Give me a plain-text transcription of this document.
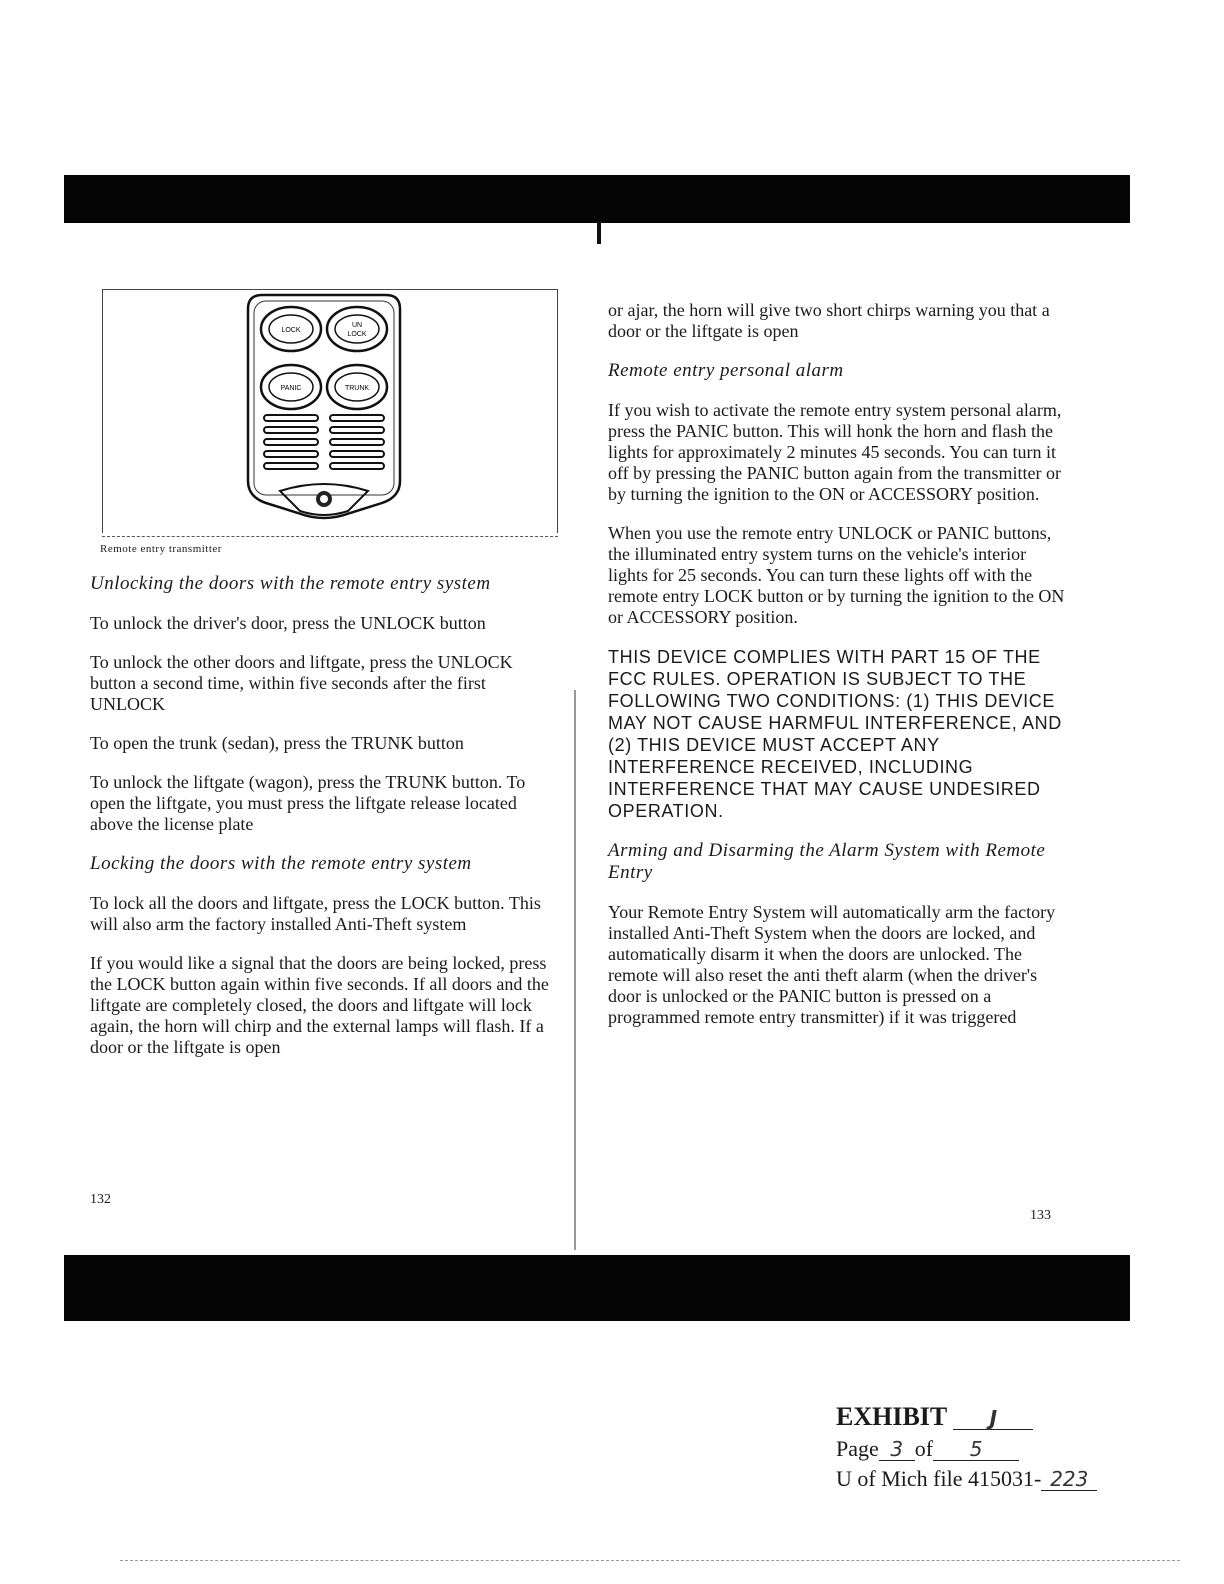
LOCK
UN
LOCK
PANIC	TRUNK
Remote entry transmitter
Unlocking the doors with the remote entry system

To unlock the driver's door, press the UNLOCK button

To unlock the other doors and liftgate, press the UNLOCK button a second time, within five seconds after the first UNLOCK

To open the trunk (sedan), press the TRUNK button

To unlock the liftgate (wagon), press the TRUNK button. To open the liftgate, you must press the liftgate release located above the license plate

Locking the doors with the remote entry system

To lock all the doors and liftgate, press the LOCK button. This will also arm the factory installed Anti-Theft system

If you would like a signal that the doors are being locked, press the LOCK button again within five seconds. If all doors and the liftgate are completely closed, the doors and liftgate will lock again, the horn will chirp and the external lamps will flash. If a door or the liftgate is open

132

or ajar, the horn will give two short chirps warning you that a door or the liftgate is open

Remote entry personal alarm

If you wish to activate the remote entry system personal alarm, press the PANIC button. This will honk the horn and flash the lights for approximately 2 minutes 45 seconds. You can turn it off by pressing the PANIC button again from the transmitter or by turning the ignition to the ON or ACCESSORY position.

When you use the remote entry UNLOCK or PANIC buttons, the illuminated entry system turns on the vehicle's interior lights for 25 seconds. You can turn these lights off with the remote entry LOCK button or by turning the ignition to the ON or ACCESSORY position.

THIS DEVICE COMPLIES WITH PART 15 OF THE FCC RULES. OPERATION IS SUBJECT TO THE FOLLOWING TWO CONDITIONS: (1) THIS DEVICE MAY NOT CAUSE HARMFUL INTERFERENCE, AND (2) THIS DEVICE MUST ACCEPT ANY INTERFERENCE RECEIVED, INCLUDING INTERFERENCE THAT MAY CAUSE UNDESIRED OPERATION.
Arming and Disarming the Alarm System with Remote Entry

Your Remote Entry System will automatically arm the factory installed Anti-Theft System when the doors are locked, and automatically disarm it when the doors are unlocked. The remote will also reset the anti theft alarm (when the driver's door is unlocked or the PANIC button is pressed on a programmed remote entry transmitter) if it was triggered

133
EXHIBIT J
Page 3 of 5
U of Mich file 415031- 223
